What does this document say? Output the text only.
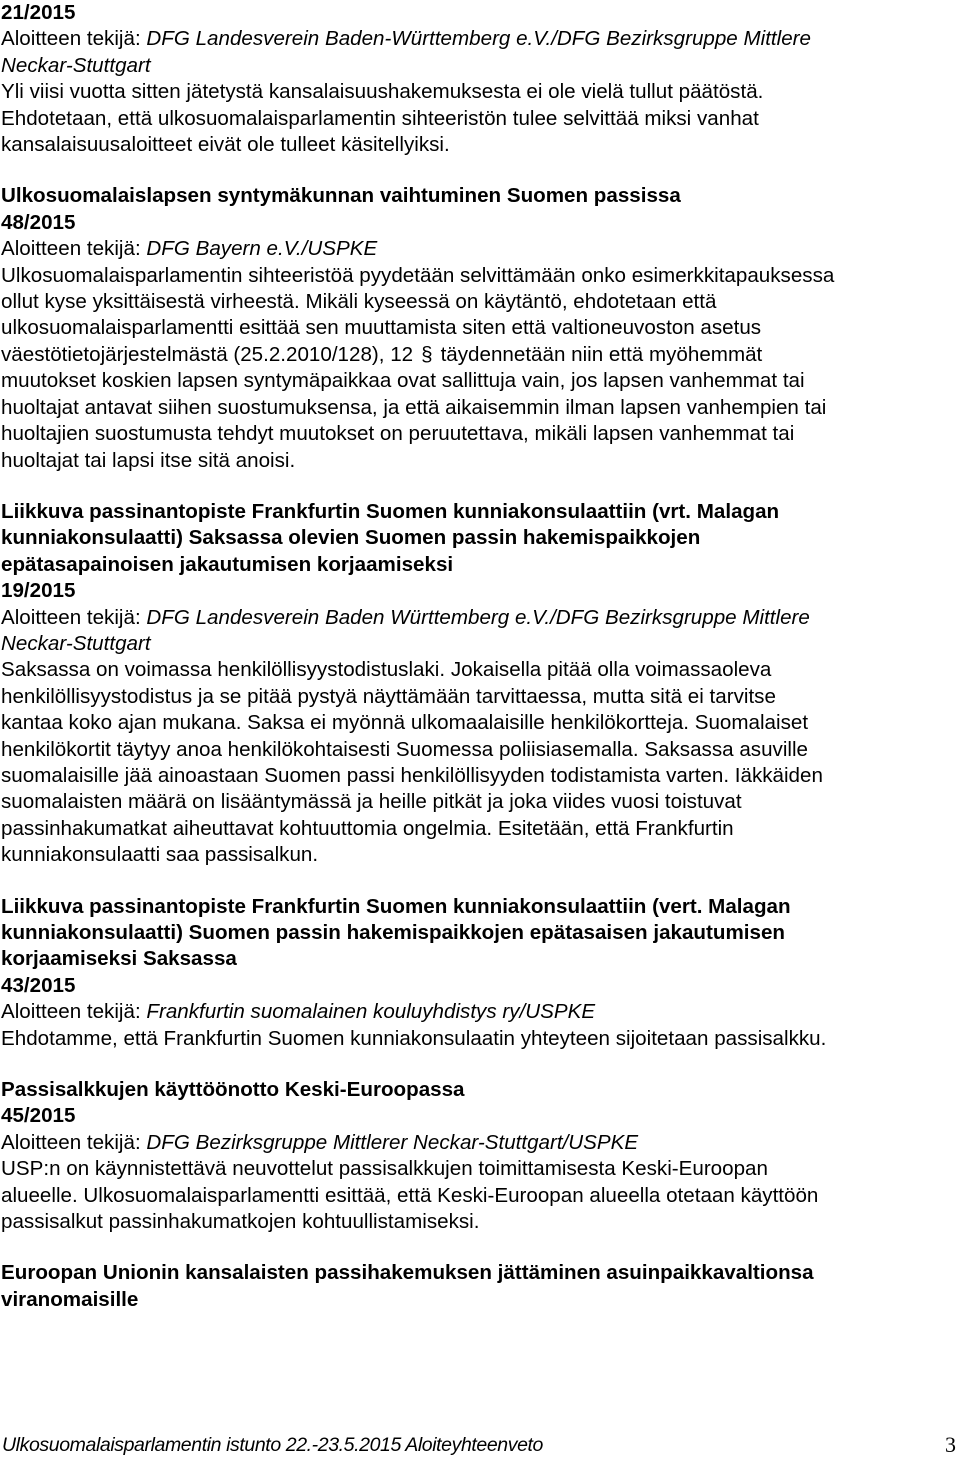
21/2015

Aloitteen tekijä: DFG Landesverein Baden-Württemberg e.V./DFG Bezirksgruppe Mittlere

Neckar-Stuttgart

Yli viisi vuotta sitten jätetystä kansalaisuushakemuksesta ei ole vielä tullut päätöstä.

Ehdotetaan, että ulkosuomalaisparlamentin sihteeristön tulee selvittää miksi vanhat

kansalaisuusaloitteet eivät ole tulleet käsitellyiksi.

Ulkosuomalaislapsen syntymäkunnan vaihtuminen Suomen passissa

48/2015

Aloitteen tekijä: DFG Bayern e.V./USPKE

Ulkosuomalaisparlamentin sihteeristöä pyydetään selvittämään onko esimerkkitapauksessa

ollut kyse yksittäisestä virheestä. Mikäli kyseessä on käytäntö, ehdotetaan että

ulkosuomalaisparlamentti esittää sen muuttamista siten että valtioneuvoston asetus

väestötietojärjestelmästä (25.2.2010/128), 12 § täydennetään niin että myöhemmät

muutokset koskien lapsen syntymäpaikkaa ovat sallittuja vain, jos lapsen vanhemmat tai

huoltajat antavat siihen suostumuksensa, ja että aikaisemmin ilman lapsen vanhempien tai

huoltajien suostumusta tehdyt muutokset on peruutettava, mikäli lapsen vanhemmat tai

huoltajat tai lapsi itse sitä anoisi.

Liikkuva passinantopiste Frankfurtin Suomen kunniakonsulaattiin (vrt. Malagan

kunniakonsulaatti) Saksassa olevien Suomen passin hakemispaikkojen

epätasapainoisen jakautumisen korjaamiseksi

19/2015

Aloitteen tekijä: DFG Landesverein Baden Württemberg e.V./DFG Bezirksgruppe Mittlere

Neckar-Stuttgart

Saksassa on voimassa henkilöllisyystodistuslaki. Jokaisella pitää olla voimassaoleva

henkilöllisyystodistus ja se pitää pystyä näyttämään tarvittaessa, mutta sitä ei tarvitse

kantaa koko ajan mukana. Saksa ei myönnä ulkomaalaisille henkilökortteja. Suomalaiset

henkilökortit täytyy anoa henkilökohtaisesti Suomessa poliisiasemalla. Saksassa asuville

suomalaisille jää ainoastaan Suomen passi henkilöllisyyden todistamista varten. Iäkkäiden

suomalaisten määrä on lisääntymässä ja heille pitkät ja joka viides vuosi toistuvat

passinhakumatkat aiheuttavat kohtuuttomia ongelmia. Esitetään, että Frankfurtin

kunniakonsulaatti saa passisalkun.

Liikkuva passinantopiste Frankfurtin Suomen kunniakonsulaattiin (vert. Malagan

kunniakonsulaatti) Suomen passin hakemispaikkojen epätasaisen jakautumisen

korjaamiseksi Saksassa

43/2015

Aloitteen tekijä: Frankfurtin suomalainen kouluyhdistys ry/USPKE

Ehdotamme, että Frankfurtin Suomen kunniakonsulaatin yhteyteen sijoitetaan passisalkku.

Passisalkkujen käyttöönotto Keski-Euroopassa

45/2015

Aloitteen tekijä: DFG Bezirksgruppe Mittlerer Neckar-Stuttgart/USPKE

USP:n on käynnistettävä neuvottelut passisalkkujen toimittamisesta Keski-Euroopan

alueelle. Ulkosuomalaisparlamentti esittää, että Keski-Euroopan alueella otetaan käyttöön

passisalkut passinhakumatkojen kohtuullistamiseksi.

Euroopan Unionin kansalaisten passihakemuksen jättäminen asuinpaikkavaltionsa

viranomaisille

Ulkosuomalaisparlamentin istunto 22.-23.5.2015 Aloiteyhteenveto	3
